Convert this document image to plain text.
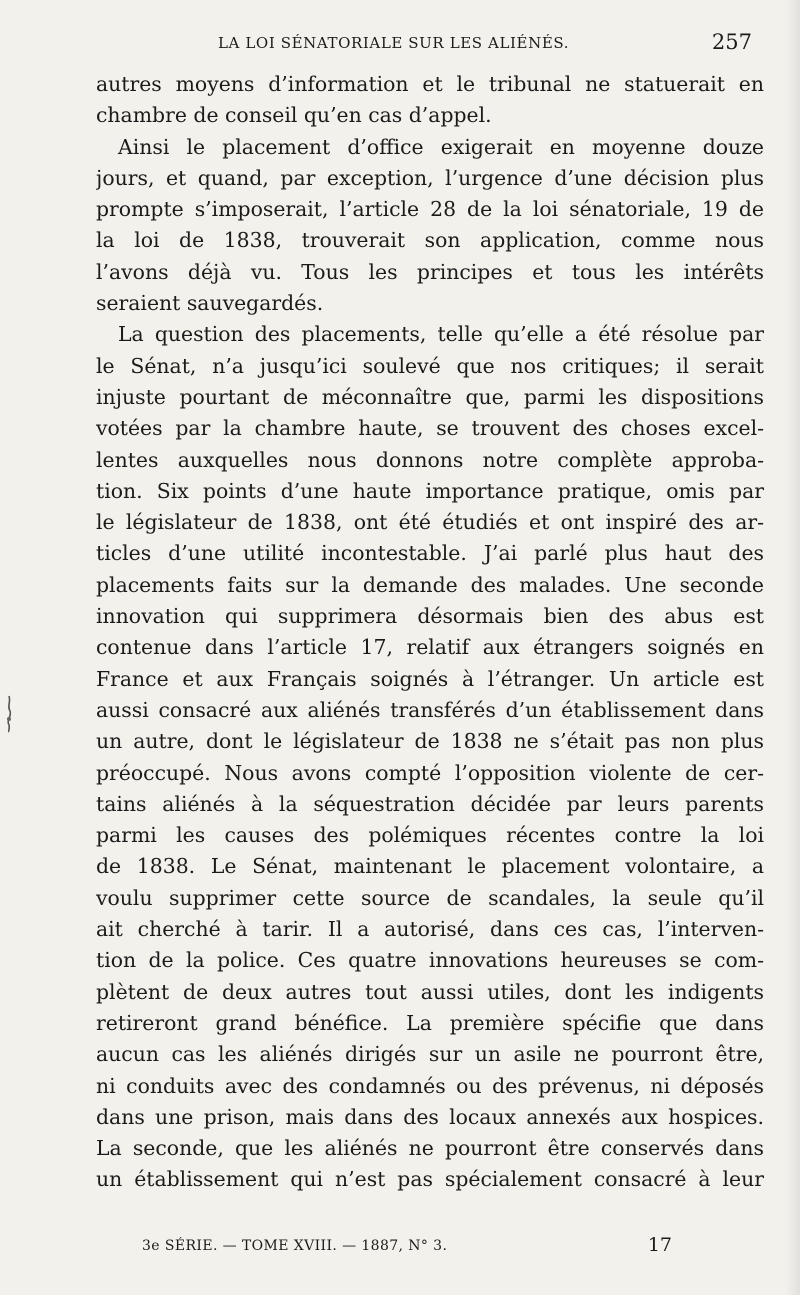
LA LOI SÉNATORIALE SUR LES ALIÉNÉS.	257
autres moyens d’information et le tribunal ne statuerait en
chambre de conseil qu’en cas d’appel.
Ainsi le placement d’office exigerait en moyenne douze
jours, et quand, par exception, l’urgence d’une décision plus
prompte s’imposerait, l’article 28 de la loi sénatoriale, 19 de
la loi de 1838, trouverait son application, comme nous
l’avons déjà vu. Tous les principes et tous les intérêts
seraient sauvegardés.
La question des placements, telle qu’elle a été résolue par
le Sénat, n’a jusqu’ici soulevé que nos critiques; il serait
injuste pourtant de méconnaître que, parmi les dispositions
votées par la chambre haute, se trouvent des choses excel-
lentes auxquelles nous donnons notre complète approba-
tion. Six points d’une haute importance pratique, omis par
le législateur de 1838, ont été étudiés et ont inspiré des ar-
ticles d’une utilité incontestable. J’ai parlé plus haut des
placements faits sur la demande des malades. Une seconde
innovation qui supprimera désormais bien des abus est
contenue dans l’article 17, relatif aux étrangers soignés en
France et aux Français soignés à l’étranger. Un article est
aussi consacré aux aliénés transférés d’un établissement dans
un autre, dont le législateur de 1838 ne s’était pas non plus
préoccupé. Nous avons compté l’opposition violente de cer-
tains aliénés à la séquestration décidée par leurs parents
parmi les causes des polémiques récentes contre la loi
de 1838. Le Sénat, maintenant le placement volontaire, a
voulu supprimer cette source de scandales, la seule qu’il
ait cherché à tarir. Il a autorisé, dans ces cas, l’interven-
tion de la police. Ces quatre innovations heureuses se com-
plètent de deux autres tout aussi utiles, dont les indigents
retireront grand bénéfice. La première spécifie que dans
aucun cas les aliénés dirigés sur un asile ne pourront être,
ni conduits avec des condamnés ou des prévenus, ni déposés
dans une prison, mais dans des locaux annexés aux hospices.
La seconde, que les aliénés ne pourront être conservés dans
un établissement qui n’est pas spécialement consacré à leur
3e SÉRIE. — TOME XVIII. — 1887, N° 3.	17
